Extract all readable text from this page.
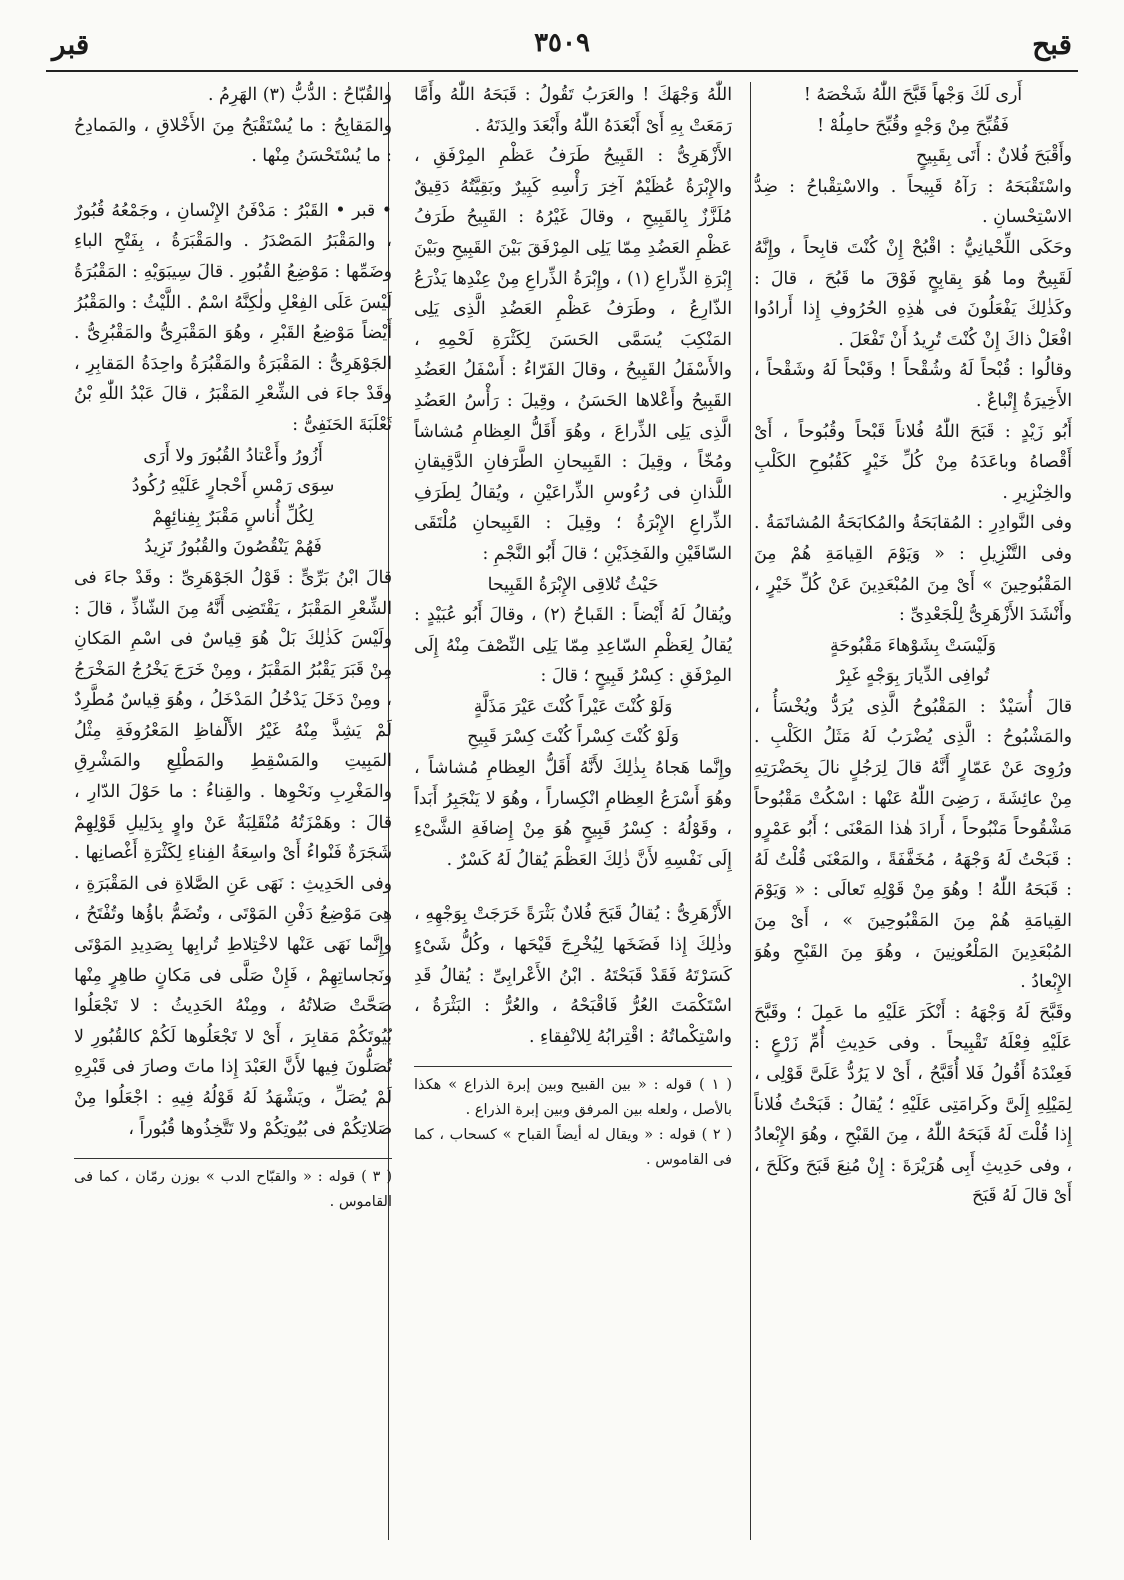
قبح
٣٥٠٩
قبر

أَرى لَكَ وَجْهاً قَبَّحَ اللّٰهُ شَخْصَهُ !

فَقُبِّحَ مِنْ وَجْهٍ وقُبِّحَ حامِلُهْ !

وأَقْبَحَ فُلانٌ : أَتَى بِقَبِيحٍ

واسْتَقْبَحَهُ : رَآهُ قَبِيحاً . والاسْتِقْباحُ : ضِدُّ الاسْتِحْسانِ .

وحَكَى اللِّحْيانِيُّ : اقْبُحْ إِنْ كُنْتَ قابِحاً ، وإِنَّهُ لَقَبِيحٌ وما هُوَ بِقابِحٍ فَوْقَ ما قَبُحَ ، قالَ : وكَذٰلِكَ يَفْعَلُونَ فى هٰذِهِ الحُرُوفِ إِذا أَرادُوا افْعَلْ ذاكَ إِنْ كُنْتَ تُرِيدُ أَنْ تَفْعَلَ .

وقالُوا : قُبْحاً لَهُ وشُقْحاً ! وقَبْحاً لَهُ وشَقْحاً ، الأَخِيرَةُ إِتْباعٌ .

أَبُو زَيْدٍ : قَبَحَ اللّٰهُ فُلاناً قَبْحاً وقُبُوحاً ، أَىْ أَقْصاهُ وباعَدَهُ مِنْ كُلِّ خَيْرٍ كَقُبُوحِ الكَلْبِ والخِنْزِيرِ .

وفى النَّوادِرِ : المُقابَحَةُ والمُكابَحَةُ المُشاتَمَةُ . وفى التَّنْزِيلِ : « وَيَوْمَ القِيامَةِ هُمْ مِنَ المَقْبُوحِينَ » أَىْ مِنَ المُبْعَدِينَ عَنْ كُلِّ خَيْرٍ ، وأَنْشَدَ الأَزْهَرِىُّ لِلْجَعْدِىِّ :

وَلَيْسَتْ بِشَوْهاءَ مَقْبُوحَةٍ

تُوافِى الدِّيارَ بِوَجْهٍ غَبِرْ

قالَ أُسَيْدٌ : المَقْبُوحُ الَّذِى يُرَدُّ ويُخْسَأُ ، والمَشْبُوحُ : الَّذِى يُضْرَبُ لَهُ مَثَلُ الكَلْبِ . ورُوِىَ عَنْ عَمّارٍ أَنَّهُ قالَ لِرَجُلٍ نالَ بِحَضْرَتِهِ مِنْ عائِشَةَ ، رَضِىَ اللّٰهُ عَنْها : اسْكُتْ مَقْبُوحاً مَشْقُوحاً مَنْبُوحاً ، أَرادَ هٰذا المَعْنَى ؛ أَبُو عَمْرٍو : قَبَحْتُ لَهُ وَجْهَهُ ، مُخَفَّفَةً ، والمَعْنَى قُلْتُ لَهُ : قَبَحَهُ اللّٰهُ ! وهُوَ مِنْ قَوْلِهِ تَعالَى : « وَيَوْمَ القِيامَةِ هُمْ مِنَ المَقْبُوحِينَ » ، أَىْ مِنَ المُبْعَدِينَ المَلْعُونِينَ ، وهُوَ مِنَ القَبْحِ وهُوَ الإِبْعادُ .

وقَبَّحَ لَهُ وَجْهَهُ : أَنْكَرَ عَلَيْهِ ما عَمِلَ ؛ وقَبَّحَ عَلَيْهِ فِعْلَهُ تَقْبِيحاً . وفى حَدِيثِ أُمِّ زَرْعٍ : فَعِنْدَهُ أَقُولُ فَلا أُقَبَّحُ ، أَىْ لا يَرُدُّ عَلَىَّ قَوْلِى ، لِمَيْلِهِ إِلَىَّ وكَرامَتِى عَلَيْهِ ؛ يُقالُ : قَبَحْتُ فُلاناً إِذا قُلْتَ لَهُ قَبَحَهُ اللّٰهُ ، مِنَ القَبْحِ ، وهُوَ الإِبْعادُ ، وفى حَدِيثِ أَبِى هُرَيْرَةَ : إِنْ مُنِعَ قَبَحَ وكَلَحَ ، أَىْ قالَ لَهُ قَبَحَ

اللّٰهُ وَجْهَكَ ! والعَرَبُ تَقُولُ : قَبَحَهُ اللّٰهُ وأَمَّا رَمَعَتْ بِهِ أَىْ أَبْعَدَهُ اللّٰهُ وأَبْعَدَ والِدَتَهُ .

الأَزْهَرِىُّ : القَبِيحُ طَرَفُ عَظْمِ المِرْفَقِ ، والإِبْرَةُ عُظَيْمٌ آخِرَ رَأْسِهِ كَبِيرٌ وبَقِيَّتُهُ دَقِيقٌ مُلَزَّزٌ بِالقَبِيحِ ، وقالَ غَيْرُهُ : القَبِيحُ طَرَفُ عَظْمِ العَضُدِ مِمّا يَلِى المِرْفَقَ بَيْنَ القَبِيحِ وبَيْنَ إِبْرَةِ الذِّراعِ (١) ، وإِبْرَةُ الذِّراعِ مِنْ عِنْدِها يَذْرَعُ الذّارِعُ ، وطَرَفُ عَظْمِ العَضُدِ الَّذِى يَلِى المَنْكِبَ يُسَمَّى الحَسَنَ لِكَثْرَةِ لَحْمِهِ ، والأَسْفَلُ القَبِيحُ ، وقالَ الفَرّاءُ : أَسْفَلُ العَضُدِ القَبِيحُ وأَعْلاها الحَسَنُ ، وقِيلَ : رَأْسُ العَضُدِ الَّذِى يَلِى الذِّراعَ ، وهُوَ أَقَلُّ العِظامِ مُشاشاً ومُخّاً ، وقِيلَ : القَبِيحانِ الطَّرَفانِ الدَّقِيقانِ اللَّذانِ فى رُءُوسِ الذِّراعَيْنِ ، ويُقالُ لِطَرَفِ الذِّراعِ الإِبْرَةُ ؛ وقِيلَ : القَبِيحانِ مُلْتَقَى السّاقَيْنِ والفَخِذَيْنِ ؛ قالَ أَبُو النَّجْمِ :

حَيْثُ تُلاقِى الإِبْرَةُ القَبِيحا

ويُقالُ لَهُ أَيْضاً : القَباحُ (٢) ، وقالَ أَبُو عُبَيْدٍ : يُقالُ لِعَظْمِ السّاعِدِ مِمّا يَلِى النِّصْفَ مِنْهُ إِلَى المِرْفَقِ : كِسْرُ قَبِيحٍ ؛ قالَ :

وَلَوْ كُنْتَ عَيْراً كُنْتَ عَيْرَ مَذَلَّةٍ

وَلَوْ كُنْتَ كِسْراً كُنْتَ كِسْرَ قَبِيحِ

وإِنَّما هَجاهُ بِذٰلِكَ لأَنَّهُ أَقَلُّ العِظامِ مُشاشاً ، وهُوَ أَسْرَعُ العِظامِ انْكِساراً ، وهُوَ لا يَنْجَبِرُ أَبَداً ، وقَوْلُهُ : كِسْرُ قَبِيحٍ هُوَ مِنْ إِضافَةِ الشَّىْءِ إِلَى نَفْسِهِ لأَنَّ ذٰلِكَ العَظْمَ يُقالُ لَهُ كَسْرٌ .

الأَزْهَرِىُّ : يُقالُ قَبَحَ فُلانٌ بَثْرَةً خَرَجَتْ بِوَجْهِهِ ، وذٰلِكَ إِذا فَضَخَها لِيُخْرِجَ قَيْحَها ، وكُلُّ شَىْءٍ كَسَرْتَهُ فَقَدْ قَبَحْتَهُ . ابْنُ الأَعْرابِىِّ : يُقالُ قَدِ اسْتَكْمَتَ العُرُّ فَاقْبَحْهُ ، والعُرُّ : البَثْرَةُ ، واسْتِكْماتُهُ : اقْتِرابُهُ لِلانْفِقاءِ .

( ١ ) قوله : « بين القبيح وبين إبرة الذراع » هكذا بالأصل ، ولعله بين المرفق وبين إبرة الذراع .

( ٢ ) قوله : « ويقال له أيضاً القباح » كسحاب ، كما فى القاموس .

والقُبّاحُ : الدُّبُّ (٣) الهَرِمُ .

والمَقابِحُ : ما يُسْتَقْبَحُ مِنَ الأَخْلاقِ ، والمَمادِحُ : ما يُسْتَحْسَنُ مِنْها .

• قبر • القَبْرُ : مَدْفَنُ الإِنْسانِ ، وجَمْعُهُ قُبُورٌ ، والمَقْبَرُ المَصْدَرُ . والمَقْبَرَةُ ، بِفَتْحِ الباءِ وضَمِّها : مَوْضِعُ القُبُورِ . قالَ سِيبَوَيْهِ : المَقْبُرَةُ لَيْسَ عَلَى الفِعْلِ ولٰكِنَّهُ اسْمٌ . اللَّيْثُ : والمَقْبُرُ أَيْضاً مَوْضِعُ القَبْرِ ، وهُوَ المَقْبَرِىُّ والمَقْبُرِىُّ . الجَوْهَرِىُّ : المَقْبَرَةُ والمَقْبُرَةُ واحِدَةُ المَقابِرِ ، وقَدْ جاءَ فى الشِّعْرِ المَقْبَرُ ، قالَ عَبْدُ اللّٰهِ بْنُ ثَعْلَبَةَ الحَنَفِىُّ :

أَزُورُ وأَعْتادُ القُبُورَ ولا أَرَى

سِوَى رَمْسِ أَحْجارٍ عَلَيْهِ رُكُودُ

لِكُلِّ أُناسٍ مَقْبَرٌ بِفِنائِهِمْ

فَهُمْ يَنْقُصُونَ والقُبُورُ تَزِيدُ

قالَ ابْنُ بَرِّىٍّ : قَوْلُ الجَوْهَرِىِّ : وقَدْ جاءَ فى الشِّعْرِ المَقْبَرُ ، يَقْتَضِى أَنَّهُ مِنَ الشّاذِّ ، قالَ : ولَيْسَ كَذٰلِكَ بَلْ هُوَ قِياسٌ فى اسْمِ المَكانِ مِنْ قَبَرَ يَقْبُرُ المَقْبَرُ ، ومِنْ خَرَجَ يَخْرُجُ المَخْرَجُ ، ومِنْ دَخَلَ يَدْخُلُ المَدْخَلُ ، وهُوَ قِياسٌ مُطَّرِدٌ لَمْ يَشِذَّ مِنْهُ غَيْرُ الأَلْفاظِ المَعْرُوفَةِ مِثْلُ المَبِيتِ والمَسْقِطِ والمَطْلِعِ والمَشْرِقِ والمَغْرِبِ ونَحْوِها . والقِناءُ : ما حَوْلَ الدّارِ ، قالَ : وهَمْزَتُهُ مُنْقَلِبَةٌ عَنْ واوٍ بِدَلِيلِ قَوْلِهِمْ شَجَرَةٌ فَنْواءُ أَىْ واسِعَةُ الفِناءِ لِكَثْرَةِ أَغْصانِها . وفى الحَدِيثِ : نَهَى عَنِ الصَّلاةِ فى المَقْبَرَةِ ، هِىَ مَوْضِعُ دَفْنِ المَوْتَى ، وتُضَمُّ باؤُها وتُفْتَحُ ، وإِنَّما نَهَى عَنْها لاخْتِلاطِ تُرابِها بِصَدِيدِ المَوْتَى ونَجاساتِهِمْ ، فَإِنْ صَلَّى فى مَكانٍ طاهِرٍ مِنْها صَحَّتْ صَلاتُهُ ، ومِنْهُ الحَدِيثُ : لا تَجْعَلُوا بُيُوتَكُمْ مَقابِرَ ، أَىْ لا تَجْعَلُوها لَكُمْ كالقُبُورِ لا تُصَلُّونَ فِيها لأَنَّ العَبْدَ إِذا ماتَ وصارَ فى قَبْرِهِ لَمْ يُصَلِّ ، ويَشْهَدُ لَهُ قَوْلُهُ فِيهِ : اجْعَلُوا مِنْ صَلاتِكُمْ فى بُيُوتِكُمْ ولا تَتَّخِذُوها قُبُوراً ،

( ٣ ) قوله : « والقبّاح الدب » بوزن رمّان ، كما فى القاموس .
